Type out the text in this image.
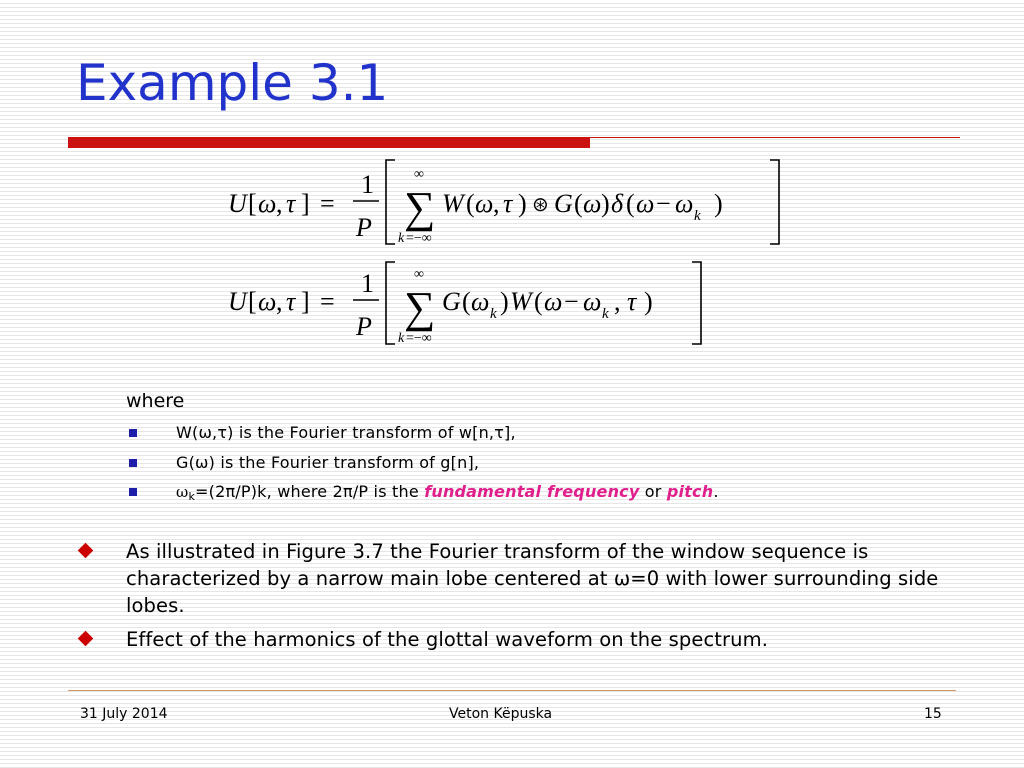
Example 3.1
U [ ω , τ ] =
1
P
∞
∑
k =−∞
W ( ω , τ ) ⊛ G ( ω ) δ ( ω − ω k )
U [ ω , τ ] =
1
P
∞
∑
k =−∞
G ( ω k ) W ( ω − ω k , τ )
where
W(ω,τ) is the Fourier transform of w[n,τ],
G(ω) is the Fourier transform of g[n],
$\omega_k=(2\pi/P)k$, where 2π/P is the fundamental frequency or pitch.
As illustrated in Figure 3.7 the Fourier transform of the window sequence is characterized by a narrow main lobe centered at ω=0 with lower surrounding side lobes.
Effect of the harmonics of the glottal waveform on the spectrum.
31 July 2014	Veton Këpuska	15
